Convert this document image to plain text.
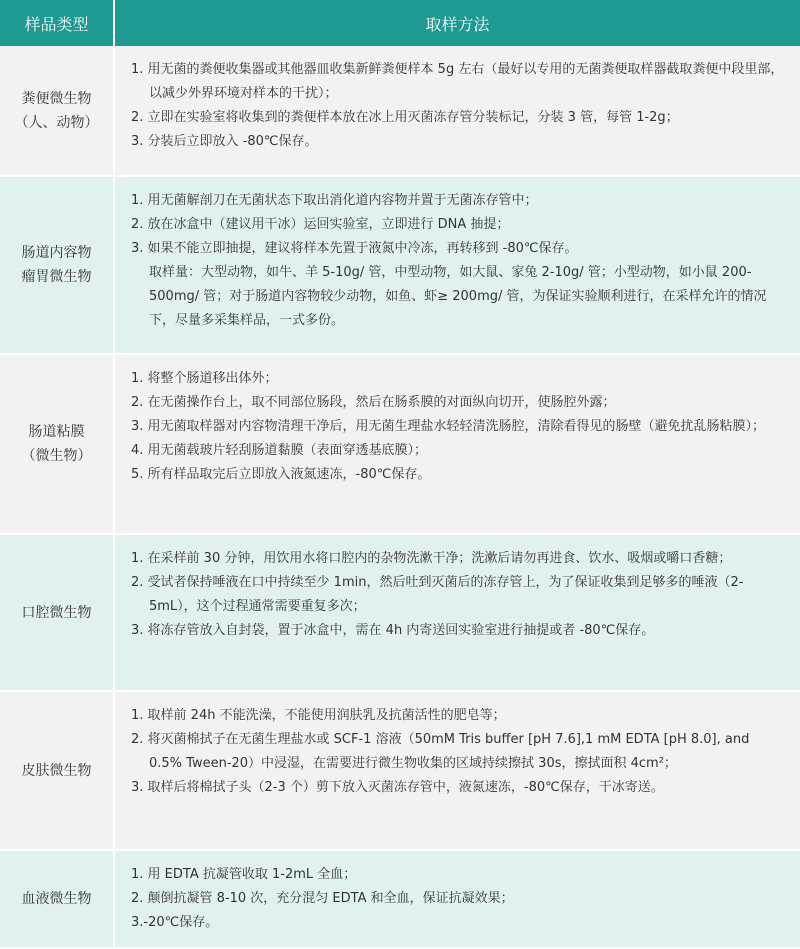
样品类型	取样方法
粪便微生物
（人、动物）
1. 用无菌的粪便收集器或其他器皿收集新鲜粪便样本 5g 左右（最好以专用的无菌粪便取样器截取粪便中段里部，以减少外界环境对样本的干扰）；
2. 立即在实验室将收集到的粪便样本放在冰上用灭菌冻存管分装标记，分装 3 管，每管 1-2g；
3. 分装后立即放入 -80℃保存。
肠道内容物
瘤胃微生物
1. 用无菌解剖刀在无菌状态下取出消化道内容物并置于无菌冻存管中；
2. 放在冰盒中（建议用干冰）运回实验室，立即进行 DNA 抽提；
3. 如果不能立即抽提，建议将样本先置于液氮中冷冻，再转移到 -80℃保存。
取样量：大型动物，如牛、羊 5-10g/ 管，中型动物，如大鼠、家兔 2-10g/ 管；小型动物，如小鼠 200-500mg/ 管；对于肠道内容物较少动物，如鱼、虾≥ 200mg/ 管，为保证实验顺利进行，在采样允许的情况下，尽量多采集样品，一式多份。
肠道粘膜
（微生物）
1. 将整个肠道移出体外；
2. 在无菌操作台上，取不同部位肠段，然后在肠系膜的对面纵向切开，使肠腔外露；
3. 用无菌取样器对内容物清理干净后，用无菌生理盐水轻轻清洗肠腔，清除看得见的肠壁（避免扰乱肠粘膜）；
4. 用无菌载玻片轻刮肠道黏膜（表面穿透基底膜）；
5. 所有样品取完后立即放入液氮速冻，-80℃保存。
口腔微生物
1. 在采样前 30 分钟，用饮用水将口腔内的杂物洗漱干净；洗漱后请勿再进食、饮水、吸烟或嚼口香糖；
2. 受试者保持唾液在口中持续至少 1min，然后吐到灭菌后的冻存管上，为了保证收集到足够多的唾液（2-5mL），这个过程通常需要重复多次；
3. 将冻存管放入自封袋，置于冰盒中，需在 4h 内寄送回实验室进行抽提或者 -80℃保存。
皮肤微生物
1. 取样前 24h 不能洗澡，不能使用润肤乳及抗菌活性的肥皂等；
2. 将灭菌棉拭子在无菌生理盐水或 SCF-1 溶液（50mM Tris buffer [pH 7.6],1 mM EDTA [pH 8.0], and 0.5% Tween-20）中浸湿，在需要进行微生物收集的区域持续擦拭 30s，擦拭面积 4cm²；
3. 取样后将棉拭子头（2-3 个）剪下放入灭菌冻存管中，液氮速冻，-80℃保存，干冰寄送。
血液微生物
1. 用 EDTA 抗凝管收取 1-2mL 全血；
2. 颠倒抗凝管 8-10 次，充分混匀 EDTA 和全血，保证抗凝效果；
3.-20℃保存。
